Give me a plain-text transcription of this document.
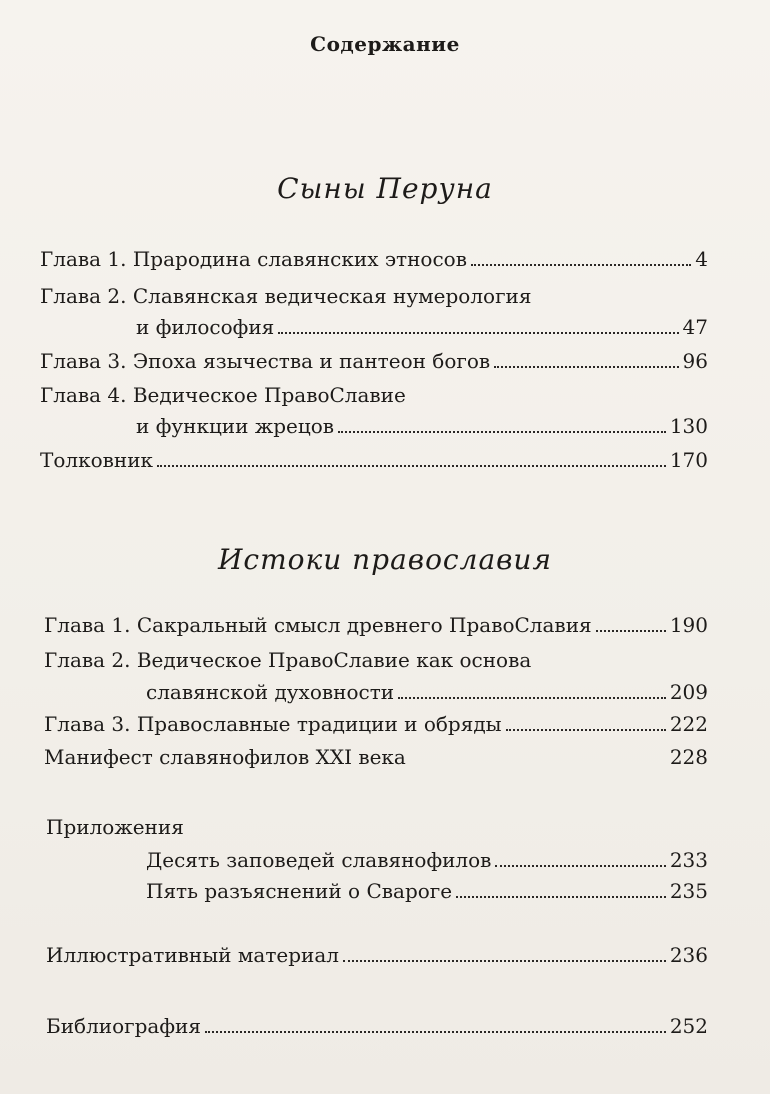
Содержание
Сыны Перуна
Глава 1. Прародина славянских этносов	4
Глава 2. Славянская ведическая нумерология
и философия	47
Глава 3. Эпоха язычества и пантеон богов	96
Глава 4. Ведическое ПравоСлавие
и функции жрецов	130
Толковник	170
Истоки православия
Глава 1. Сакральный смысл древнего ПравоСлавия	190
Глава 2. Ведическое ПравоСлавие как основа
славянской духовности	209
Глава 3. Православные традиции и обряды	222
Манифест славянофилов XXI века	228
Приложения
Десять заповедей славянофилов	233
Пять разъяснений о Свароге	235
Иллюстративный материал	236
Библиография	252
